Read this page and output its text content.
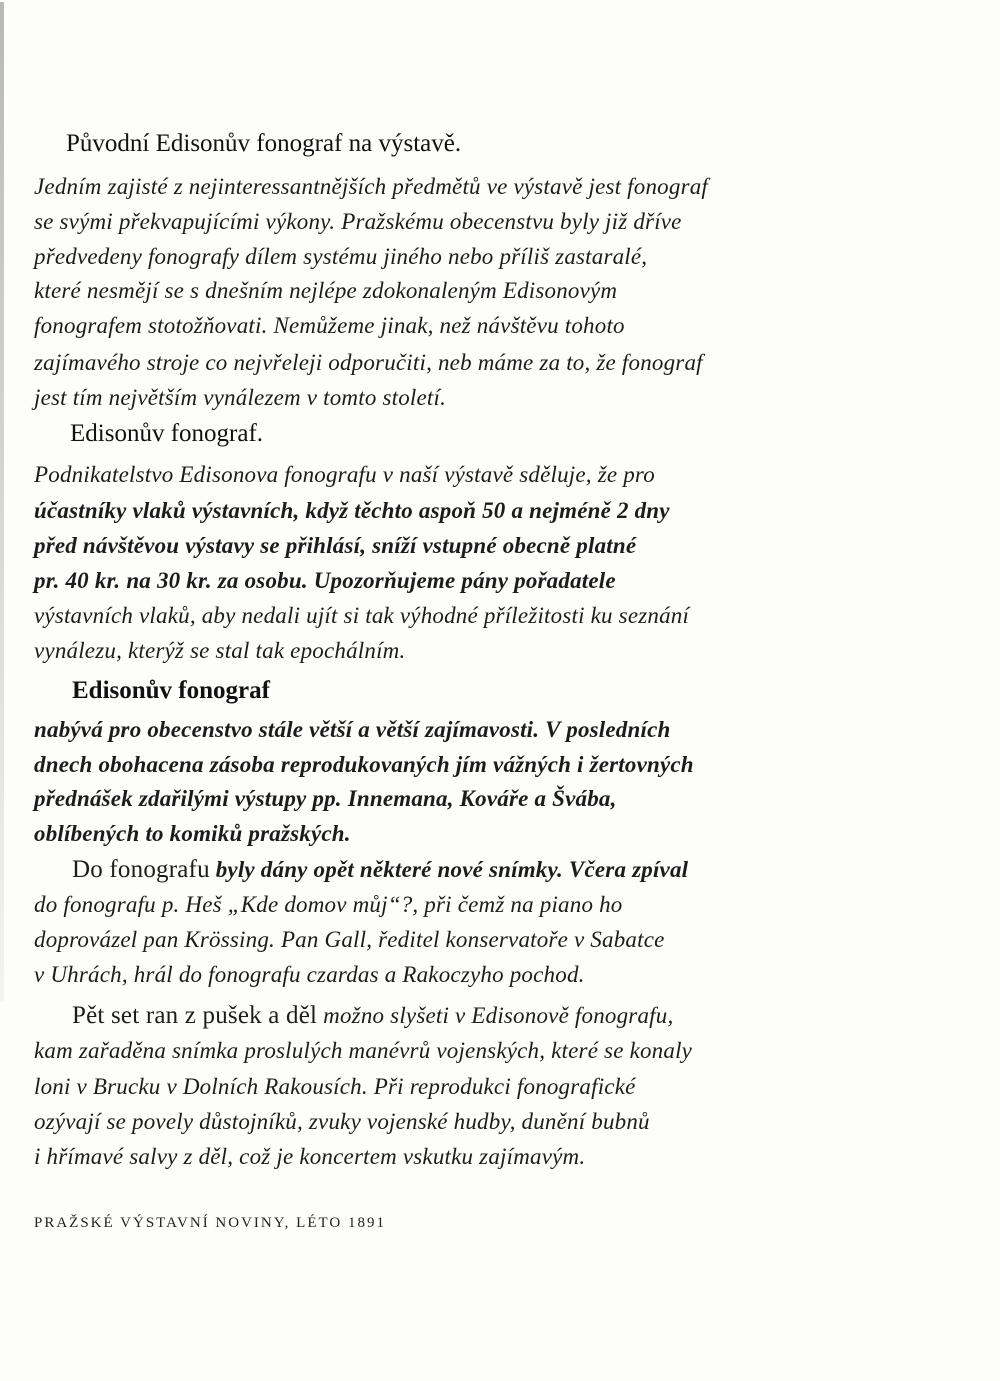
Původní Edisonův fonograf na výstavě.
Jedním zajisté z nejinteressantnějších předmětů ve výstavě jest fonograf
se svými překvapujícími výkony. Pražskému obecenstvu byly již dříve
předvedeny fonografy dílem systému jiného nebo příliš zastaralé,
které nesmějí se s dnešním nejlépe zdokonaleným Edisonovým
fonografem stotožňovati. Nemůžeme jinak, než návštěvu tohoto
zajímavého stroje co nejvřeleji odporučiti, neb máme za to, že fonograf
jest tím největším vynálezem v tomto století.
Edisonův fonograf.
Podnikatelstvo Edisonova fonografu v naší výstavě sděluje, že pro
účastníky vlaků výstavních, když těchto aspoň 50 a nejméně 2 dny
před návštěvou výstavy se přihlásí, sníží vstupné obecně platné
pr. 40 kr. na 30 kr. za osobu. Upozorňujeme pány pořadatele
výstavních vlaků, aby nedali ujít si tak výhodné příležitosti ku seznání
vynálezu, kterýž se stal tak epochálním.
Edisonův fonograf
nabývá pro obecenstvo stále větší a větší zajímavosti. V posledních
dnech obohacena zásoba reprodukovaných jím vážných i žertovných
přednášek zdařilými výstupy pp. Innemana, Kováře a Švába,
oblíbených to komiků pražských.
Do fonografu byly dány opět některé nové snímky. Včera zpíval
do fonografu p. Heš „Kde domov můj“?, při čemž na piano ho
doprovázel pan Krössing. Pan Gall, ředitel konservatoře v Sabatce
v Uhrách, hrál do fonografu czardas a Rakoczyho pochod.
Pět set ran z pušek a děl možno slyšeti v Edisonově fonografu,
kam zařaděna snímka proslulých manévrů vojenských, které se konaly
loni v Brucku v Dolních Rakousích. Při reprodukci fonografické
ozývají se povely důstojníků, zvuky vojenské hudby, dunění bubnů
i hřímavé salvy z děl, což je koncertem vskutku zajímavým.
PRAŽSKÉ VÝSTAVNÍ NOVINY, LÉTO 1891
